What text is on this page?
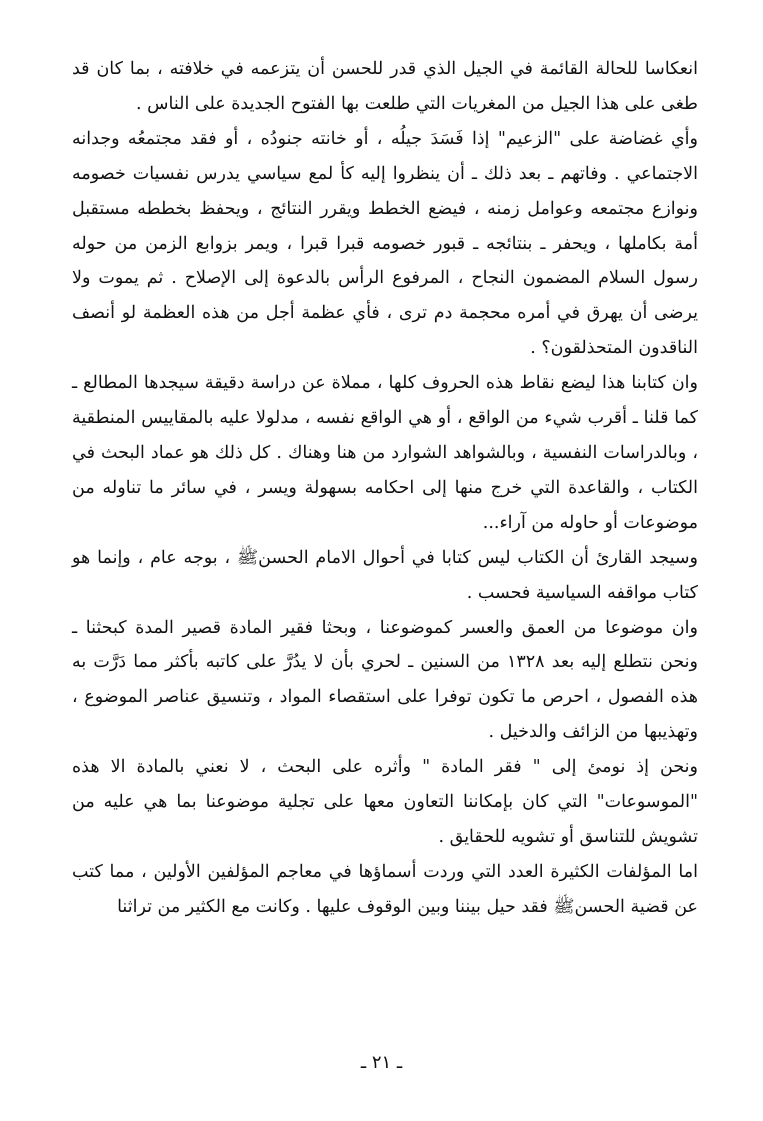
انعكاسا للحالة القائمة في الجيل الذي قدر للحسن أن يتزعمه في خلافته ، بما كان قد طغى على هذا الجيل من المغريات التي طلعت بها الفتوح الجديدة على الناس .

وأي غضاضة على "الزعيم" إذا فَسَدَ جيلُه ، أو خانته جنودُه ، أو فقد مجتمعُه وجدانه الاجتماعي . وفاتهم ـ بعد ذلك ـ أن ينظروا إليه كأ لمع سياسي يدرس نفسيات خصومه ونوازع مجتمعه وعوامل زمنه ، فيضع الخطط ويقرر النتائج ، ويحفظ بخططه مستقبل أمة بكاملها ، ويحفر ـ بنتائجه ـ قبور خصومه قبرا قبرا ، ويمر بزوابع الزمن من حوله رسول السلام المضمون النجاح ، المرفوع الرأس بالدعوة إلى الإصلاح . ثم يموت ولا يرضى أن يهرق في أمره محجمة دم ترى ، فأي عظمة أجل من هذه العظمة لو أنصف الناقدون المتحذلقون؟ .

وان كتابنا هذا ليضع نقاط هذه الحروف كلها ، مملاة عن دراسة دقيقة سيجدها المطالع ـ كما قلنا ـ أقرب شيء من الواقع ، أو هي الواقع نفسه ، مدلولا عليه بالمقاييس المنطقية ، وبالدراسات النفسية ، وبالشواهد الشوارد من هنا وهناك . كل ذلك هو عماد البحث في الكتاب ، والقاعدة التي خرج منها إلى احكامه بسهولة ويسر ، في سائر ما تناوله من موضوعات أو حاوله من آراء...

وسيجد القارئ أن الكتاب ليس كتابا في أحوال الامام الحسنﷺ ، بوجه عام ، وإنما هو كتاب مواقفه السياسية فحسب .

وان موضوعا من العمق والعسر كموضوعنا ، وبحثا فقير المادة قصير المدة كبحثنا ـ ونحن نتطلع إليه بعد ١٣٢٨ من السنين ـ لحري بأن لا يدُرَّ على كاتبه بأكثر مما دَرَّت به هذه الفصول ، احرص ما تكون توفرا على استقصاء المواد ، وتنسيق عناصر الموضوع ، وتهذيبها من الزائف والدخيل .

ونحن إذ نومئ إلى " فقر المادة " وأثره على البحث ، لا نعني بالمادة الا هذه "الموسوعات" التي كان بإمكاننا التعاون معها على تجلية موضوعنا بما هي عليه من تشويش للتناسق أو تشويه للحقايق .

اما المؤلفات الكثيرة العدد التي وردت أسماؤها في معاجم المؤلفين الأولين ، مما كتب عن قضية الحسنﷺ فقد حيل بيننا وبين الوقوف عليها . وكانت مع الكثير من تراثنا

ـ ٢١ ـ
